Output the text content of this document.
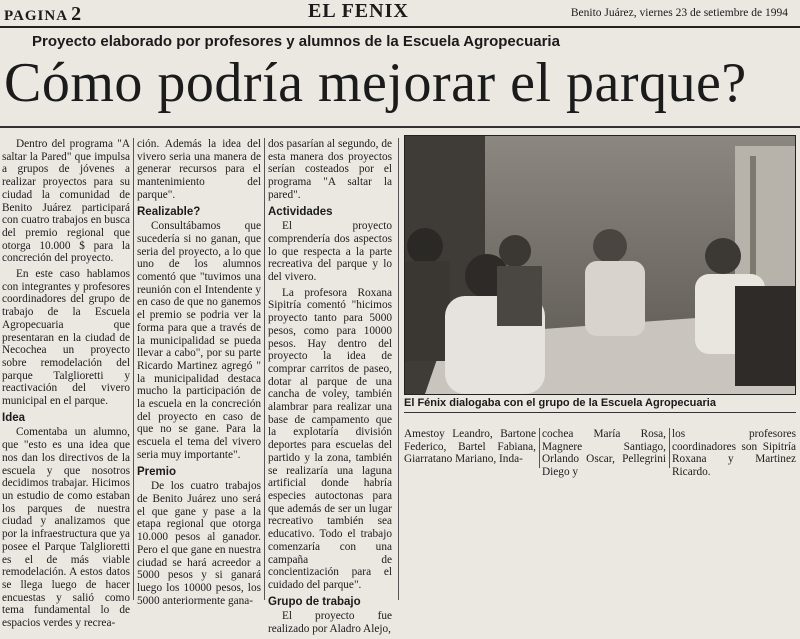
PAGINA 2	EL FENIX	Benito Juárez, viernes 23 de setiembre de 1994
Proyecto elaborado por profesores y alumnos de la Escuela Agropecuaria
Cómo podría mejorar el parque?

Dentro del programa "A saltar la Pared" que impulsa a grupos de jóvenes a realizar proyectos para su ciudad la comunidad de Benito Juárez participará con cuatro trabajos en busca del premio regional que otorga 10.000 $ para la concreción del proyecto.

En este caso hablamos con integrantes y profesores coordinadores del grupo de trabajo de la Escuela Agropecuaria que presentaran en la ciudad de Necochea un proyecto sobre remodelación del parque Talglioretti y reactivación del vivero municipal en el parque.

Idea

Comentaba un alumno, que "esto es una idea que nos dan los directivos de la escuela y que nosotros decidimos trabajar. Hicimos un estudio de como estaban los parques de nuestra ciudad y analizamos que por la infraestructura que ya posee el Parque Talglioretti es el de más viable remodelación. A estos datos se llega luego de hacer encuestas y salió como tema fundamental lo de espacios verdes y recrea-

ción. Además la idea del vivero seria una manera de generar recursos para el mantenimiento del parque".

Realizable?

Consultábamos que sucedería si no ganan, que seria del proyecto, a lo que uno de los alumnos comentó que "tuvimos una reunión con el Intendente y en caso de que no ganemos el premio se podria ver la forma para que a través de la municipalidad se pueda llevar a cabo", por su parte Ricardo Martinez agregó " la municipalidad destaca mucho la participación de la escuela en la concreción del proyecto en caso de que no se gane. Para la escuela el tema del vivero seria muy importante".

Premio

De los cuatro trabajos de Benito Juárez uno será el que gane y pase a la etapa regional que otorga 10.000 pesos al ganador. Pero el que gane en nuestra ciudad se hará acreedor a 5000 pesos y si ganará luego los 10000 pesos, los 5000 anteriormente gana-

dos pasarían al segundo, de esta manera dos proyectos serían costeados por el programa "A saltar la pared".

Actividades

El proyecto comprendería dos aspectos lo que respecta a la parte recreativa del parque y lo del vivero.

La profesora Roxana Sipitría comentó "hicimos proyecto tanto para 5000 pesos, como para 10000 pesos. Hay dentro del proyecto la idea de comprar carritos de paseo, dotar al parque de una cancha de voley, también alambrar para realizar una base de campamento que la explotaría división deportes para escuelas del partido y la zona, también se realizaría una laguna artificial donde habría especies autoctonas para que además de ser un lugar recreativo también sea educativo. Todo el trabajo comenzaría con una campaña de concientización para el cuidado del parque".

Grupo de trabajo

El proyecto fue realizado por Aladro Alejo,

El Fénix dialogaba con el grupo de la Escuela Agropecuaria

Amestoy Leandro, Bartone Federico, Bartel Fabiana, Giarratano Mariano, Inda-

cochea María Rosa, Magnere Santiago, Orlando Oscar, Pellegrini Diego y

los profesores coordinadores son Sipitría Roxana y Martinez Ricardo.
